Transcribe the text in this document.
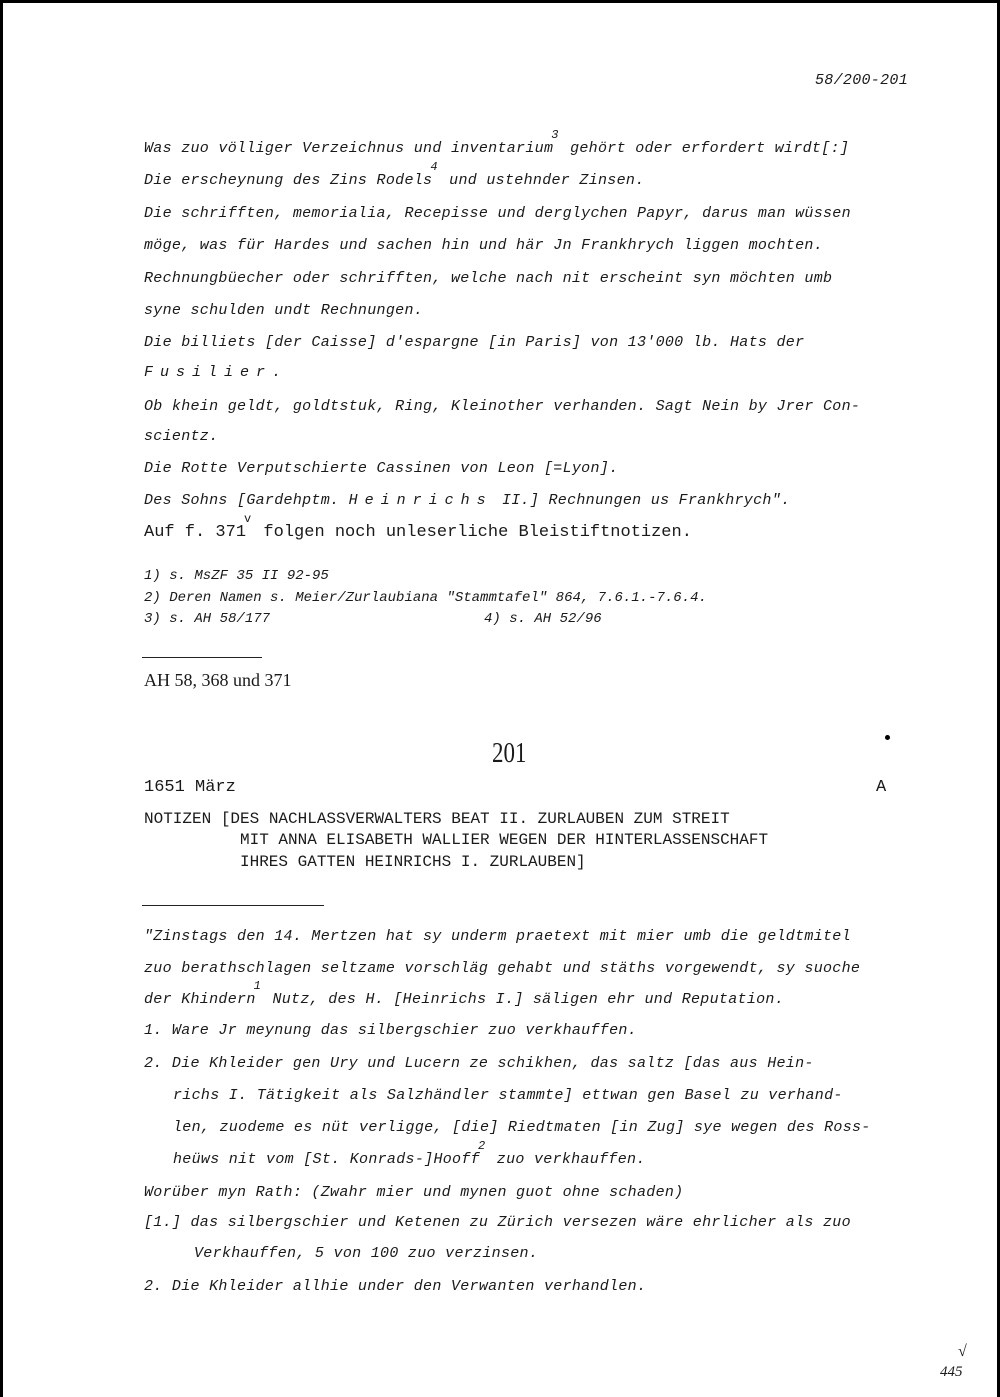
58/200-201
Was zuo völliger Verzeichnus und inventarium$^3$ gehört oder erfordert wirdt[:]
Die erscheynung des Zins Rodels$^4$ und ustehnder Zinsen.
Die schrifften, memorialia, Recepisse und derglychen Papyr, darus man wüssen
möge, was für Hardes und sachen hin und här Jn Frankhrych liggen mochten.
Rechnungbüecher oder schrifften, welche nach nit erscheint syn möchten umb
syne schulden undt Rechnungen.
Die billiets [der Caisse] d'espargne [in Paris] von 13'000 lb. Hats der
Fusilier.
Ob khein geldt, goldtstuk, Ring, Kleinother verhanden. Sagt Nein by Jrer Con-
scientz.
Die Rotte Verputschierte Cassinen von Leon [=Lyon].
Des Sohns [Gardehptm. Heinrichs II.] Rechnungen us Frankhrych".
Auf f. 371$^v$ folgen noch unleserliche Bleistiftnotizen.
1) s. MsZF 35 II 92-95
2) Deren Namen s. Meier/Zurlaubiana "Stammtafel" 864, 7.6.1.-7.6.4.
3) s. AH 58/177	4) s. AH 52/96
AH 58, 368 und 371
201
1651 März	A
NOTIZEN [DES NACHLASSVERWALTERS BEAT II. ZURLAUBEN ZUM STREIT
MIT ANNA ELISABETH WALLIER WEGEN DER HINTERLASSENSCHAFT
IHRES GATTEN HEINRICHS I. ZURLAUBEN]
"Zinstags den 14. Mertzen hat sy underm praetext mit mier umb die geldtmitel
zuo berathschlagen seltzame vorschläg gehabt und stäths vorgewendt, sy suoche
der Khindern$^1$ Nutz, des H. [Heinrichs I.] säligen ehr und Reputation.
1. Ware Jr meynung das silbergschier zuo verkhauffen.
2. Die Khleider gen Ury und Lucern ze schikhen, das saltz [das aus Hein-
richs I. Tätigkeit als Salzhändler stammte] ettwan gen Basel zu verhand-
len, zuodeme es nüt verligge, [die] Riedtmaten [in Zug] sye wegen des Ross-
heüws nit vom [St. Konrads-]Hooff$^2$ zuo verkhauffen.
Worüber myn Rath: (Zwahr mier und mynen guot ohne schaden)
[1.] das silbergschier und Ketenen zu Zürich versezen wäre ehrlicher als zuo
Verkhauffen, 5 von 100 zuo verzinsen.
2. Die Khleider allhie under den Verwanten verhandlen.
√
445
